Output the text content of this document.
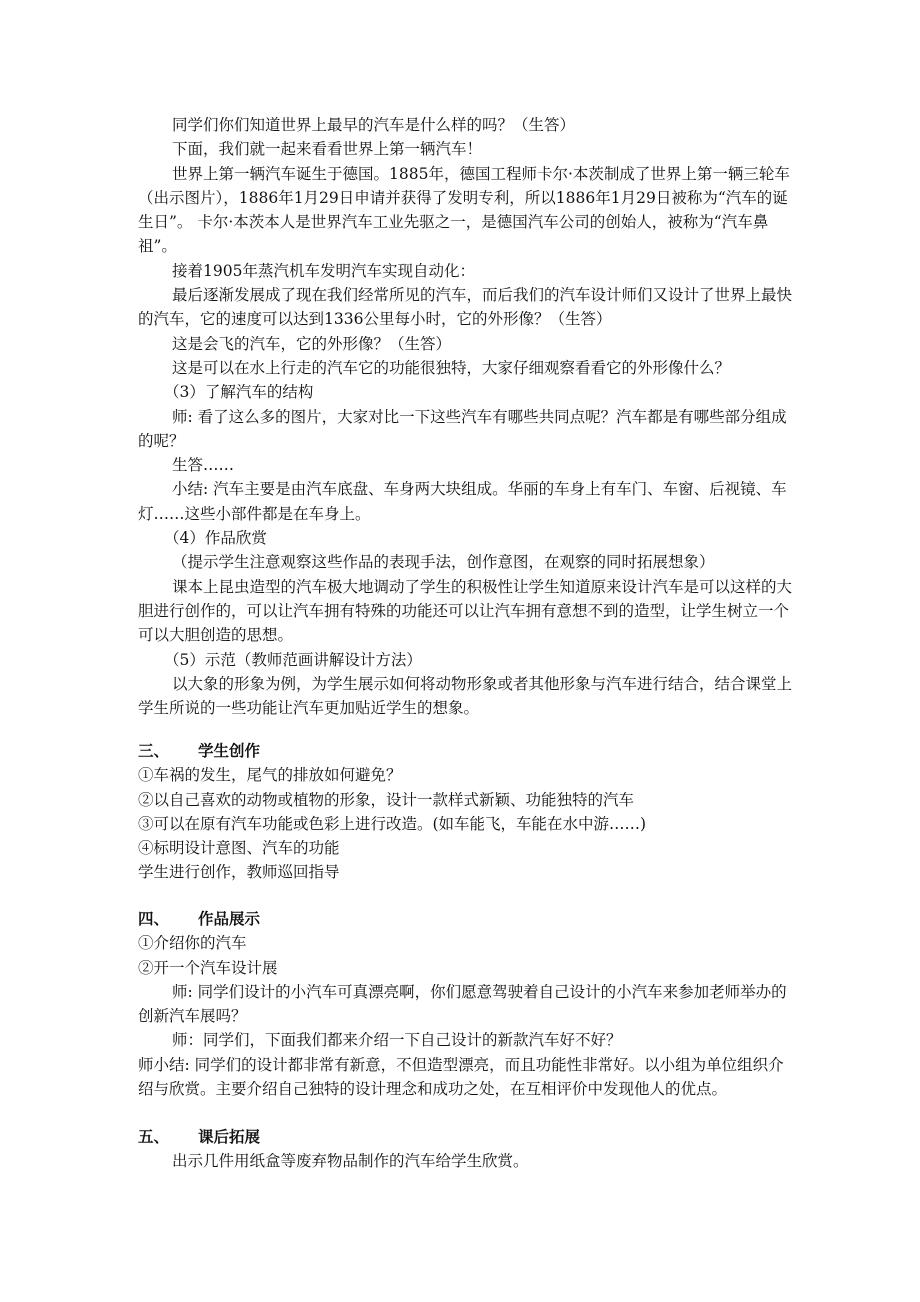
同学们你们知道世界上最早的汽车是什么样的吗？（生答）

下面，我们就一起来看看世界上第一辆汽车！

世界上第一辆汽车诞生于德国。1885年，德国工程师卡尔·本茨制成了世界上第一辆三轮车（出示图片），1886年1月29日申请并获得了发明专利，所以1886年1月29日被称为“汽车的诞生日”。 卡尔·本茨本人是世界汽车工业先驱之一，是德国汽车公司的创始人，被称为“汽车鼻祖”。

接着1905年蒸汽机车发明汽车实现自动化：

最后逐渐发展成了现在我们经常所见的汽车，而后我们的汽车设计师们又设计了世界上最快的汽车，它的速度可以达到1336公里每小时，它的外形像？（生答）

这是会飞的汽车，它的外形像？（生答）

这是可以在水上行走的汽车它的功能很独特，大家仔细观察看看它的外形像什么？

（3）了解汽车的结构

师: 看了这么多的图片，大家对比一下这些汽车有哪些共同点呢？汽车都是有哪些部分组成的呢？

生答……

小结: 汽车主要是由汽车底盘、车身两大块组成。华丽的车身上有车门、车窗、后视镜、车灯……这些小部件都是在车身上。

（4）作品欣赏

（提示学生注意观察这些作品的表现手法，创作意图，在观察的同时拓展想象）

课本上昆虫造型的汽车极大地调动了学生的积极性让学生知道原来设计汽车是可以这样的大胆进行创作的，可以让汽车拥有特殊的功能还可以让汽车拥有意想不到的造型，让学生树立一个可以大胆创造的思想。

（5）示范（教师范画讲解设计方法）

以大象的形象为例，为学生展示如何将动物形象或者其他形象与汽车进行结合，结合课堂上学生所说的一些功能让汽车更加贴近学生的想象。

三、 学生创作

①车祸的发生，尾气的排放如何避免？

②以自己喜欢的动物或植物的形象，设计一款样式新颖、功能独特的汽车

③可以在原有汽车功能或色彩上进行改造。(如车能飞，车能在水中游……)

④标明设计意图、汽车的功能

学生进行创作，教师巡回指导

四、 作品展示

①介绍你的汽车

②开一个汽车设计展

师: 同学们设计的小汽车可真漂亮啊，你们愿意驾驶着自己设计的小汽车来参加老师举办的创新汽车展吗？

师：同学们，下面我们都来介绍一下自己设计的新款汽车好不好？

师小结: 同学们的设计都非常有新意，不但造型漂亮，而且功能性非常好。以小组为单位组织介绍与欣赏。主要介绍自己独特的设计理念和成功之处，在互相评价中发现他人的优点。

五、 课后拓展

出示几件用纸盒等废弃物品制作的汽车给学生欣赏。
